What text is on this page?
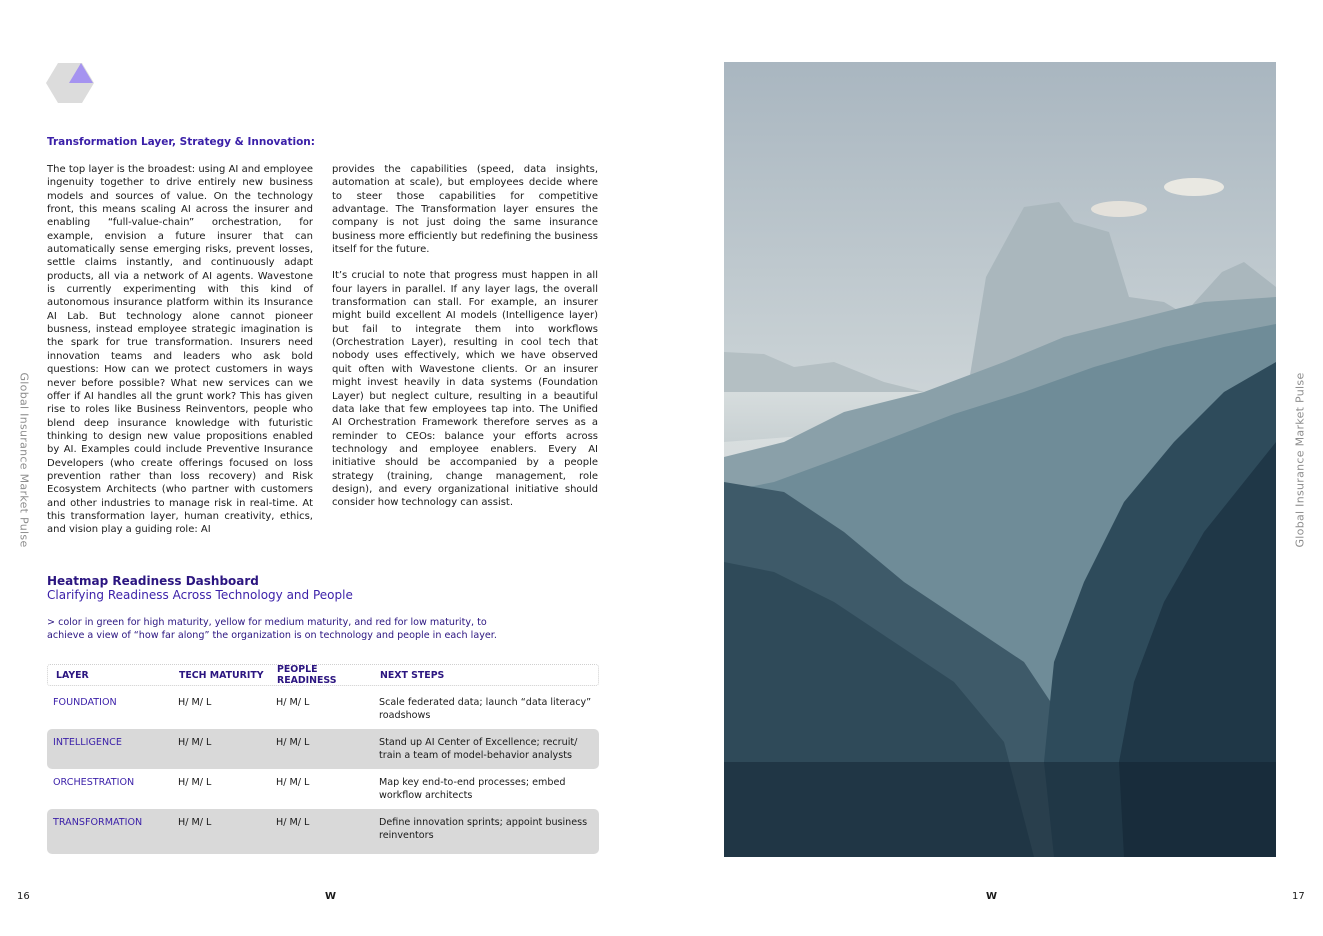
Global Insurance Market Pulse	Global Insurance Market Pulse
Transformation Layer, Strategy & Innovation:

The top layer is the broadest: using AI and employee ingenuity together to drive entirely new business models and sources of value. On the technology front, this means scaling AI across the insurer and enabling “full-value-chain” orchestration, for example, envision a future insurer that can automatically sense emerging risks, prevent losses, settle claims instantly, and continuously adapt products, all via a network of AI agents. Wavestone is currently experimenting with this kind of autonomous insurance platform within its Insurance AI Lab. But technology alone cannot pioneer busness, instead employee strategic imagination is the spark for true transformation. Insurers need innovation teams and leaders who ask bold questions: How can we protect customers in ways never before possible? What new services can we offer if AI handles all the grunt work? This has given rise to roles like Business Reinventors, people who blend deep insurance knowledge with futuristic thinking to design new value propositions enabled by AI. Examples could include Preventive Insurance Developers (who create offerings focused on loss prevention rather than loss recovery) and Risk Ecosystem Architects (who partner with customers and other industries to manage risk in real-time. At this transformation layer, human creativity, ethics, and vision play a guiding role: AI

provides the capabilities (speed, data insights, automation at scale), but employees decide where to steer those capabilities for competitive advantage. The Transformation layer ensures the company is not just doing the same insurance business more efficiently but redefining the business itself for the future.

It’s crucial to note that progress must happen in all four layers in parallel. If any layer lags, the overall transformation can stall. For example, an insurer might build excellent AI models (Intelligence layer) but fail to integrate them into workflows (Orchestration Layer), resulting in cool tech that nobody uses effectively, which we have observed quit often with Wavestone clients. Or an insurer might invest heavily in data systems (Foundation Layer) but neglect culture, resulting in a beautiful data lake that few employees tap into. The Unified AI Orchestration Framework therefore serves as a reminder to CEOs: balance your efforts across technology and employee enablers. Every AI initiative should be accompanied by a people strategy (training, change management, role design), and every organizational initiative should consider how technology can assist.

Heatmap Readiness Dashboard
Clarifying Readiness Across Technology and People
> color in green for high maturity, yellow for medium maturity, and red for low maturity, to
achieve a view of “how far along” the organization is on technology and people in each layer.
LAYER	TECH MATURITY	PEOPLE READINESS	NEXT STEPS
FOUNDATION	H/ M/ L	H/ M/ L	Scale federated data; launch “data literacy” roadshows
INTELLIGENCE	H/ M/ L	H/ M/ L	Stand up AI Center of Excellence; recruit/ train a team of model-behavior analysts
ORCHESTRATION	H/ M/ L	H/ M/ L	Map key end-to-end processes; embed workflow architects
TRANSFORMATION	H/ M/ L	H/ M/ L	Define innovation sprints; appoint business reinventors
16	W	W	17
